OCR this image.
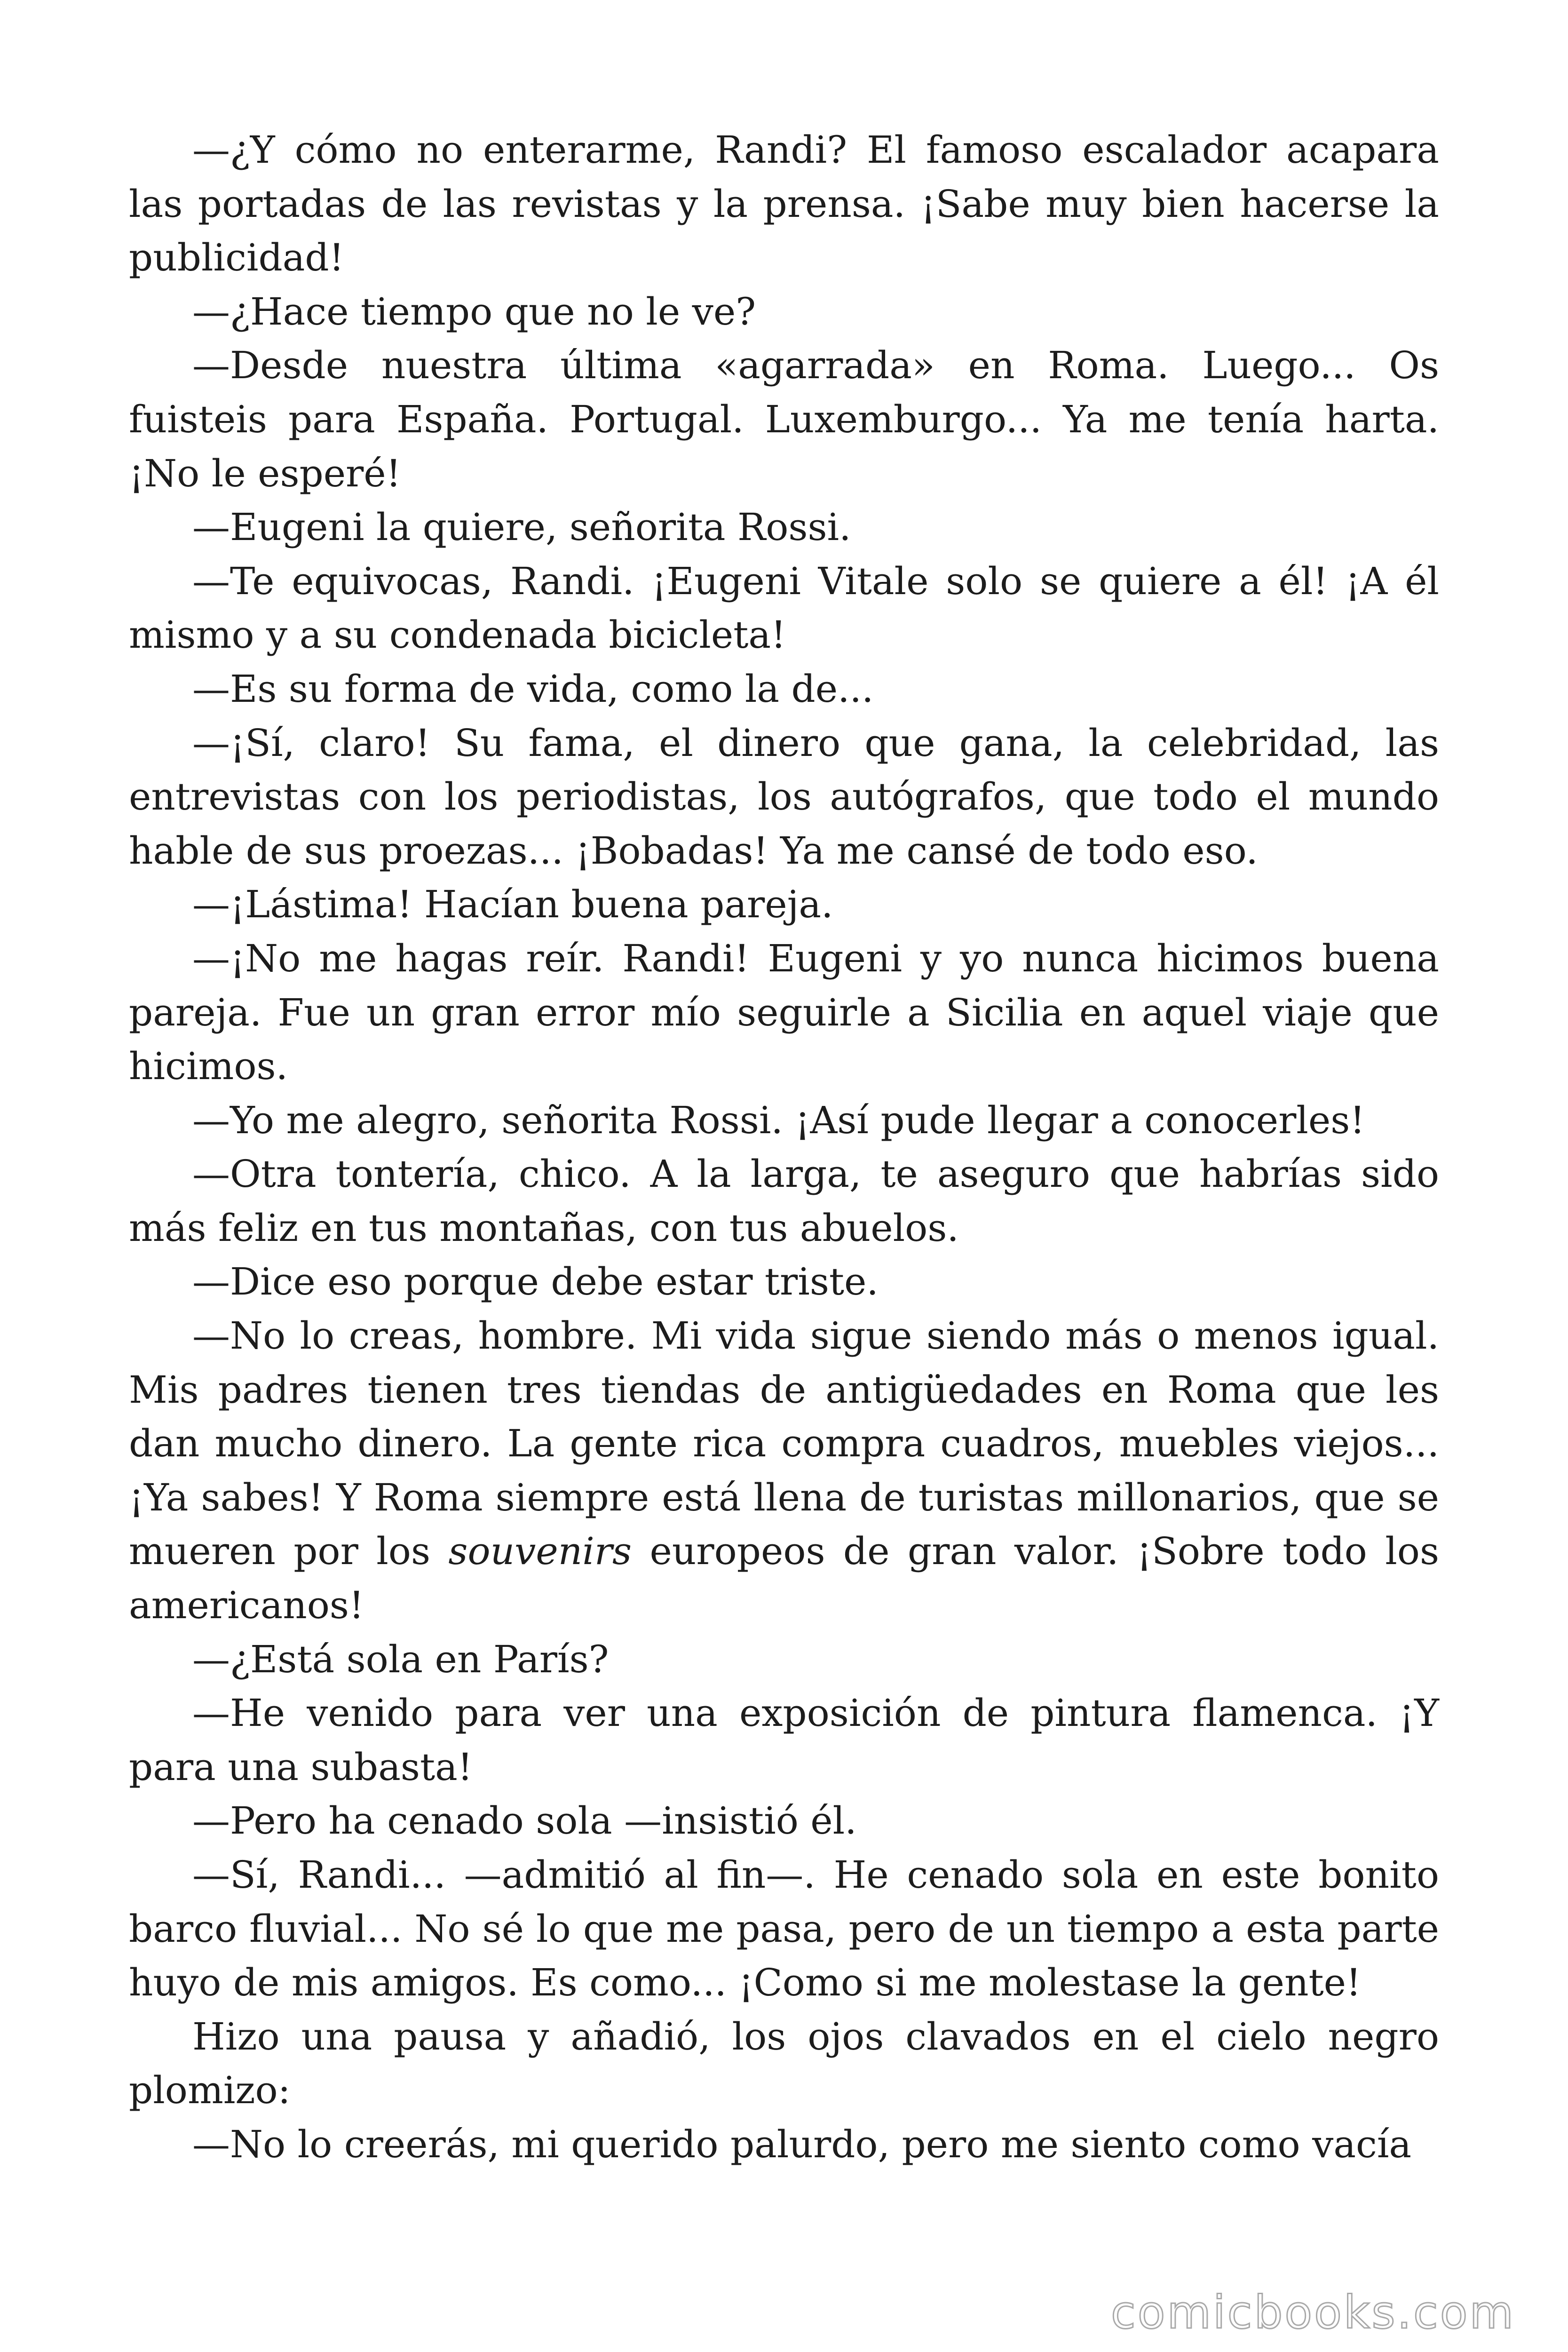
—¿Y cómo no enterarme, Randi? El famoso escalador acapara las portadas de las revistas y la prensa. ¡Sabe muy bien hacerse la publicidad!

—¿Hace tiempo que no le ve?

—Desde nuestra última «agarrada» en Roma. Luego... Os fuisteis para España. Portugal. Luxemburgo... Ya me tenía harta. ¡No le esperé!

—Eugeni la quiere, señorita Rossi.

—Te equivocas, Randi. ¡Eugeni Vitale solo se quiere a él! ¡A él mismo y a su condenada bicicleta!

—Es su forma de vida, como la de...

—¡Sí, claro! Su fama, el dinero que gana, la celebridad, las entrevistas con los periodistas, los autógrafos, que todo el mundo hable de sus proezas... ¡Bobadas! Ya me cansé de todo eso.

—¡Lástima! Hacían buena pareja.

—¡No me hagas reír. Randi! Eugeni y yo nunca hicimos buena pareja. Fue un gran error mío seguirle a Sicilia en aquel viaje que hicimos.

—Yo me alegro, señorita Rossi. ¡Así pude llegar a conocerles!

—Otra tontería, chico. A la larga, te aseguro que habrías sido más feliz en tus montañas, con tus abuelos.

—Dice eso porque debe estar triste.

—No lo creas, hombre. Mi vida sigue siendo más o menos igual. Mis padres tienen tres tiendas de antigüedades en Roma que les dan mucho dinero. La gente rica compra cuadros, muebles viejos... ¡Ya sabes! Y Roma siempre está llena de turistas millonarios, que se mueren por los souvenirs europeos de gran valor. ¡Sobre todo los americanos!

—¿Está sola en París?

—He venido para ver una exposición de pintura flamenca. ¡Y para una subasta!

—Pero ha cenado sola —insistió él.

—Sí, Randi... —admitió al fin—. He cenado sola en este bonito barco fluvial... No sé lo que me pasa, pero de un tiempo a esta parte huyo de mis amigos. Es como... ¡Como si me molestase la gente!

Hizo una pausa y añadió, los ojos clavados en el cielo negro plomizo:

—No lo creerás, mi querido palurdo, pero me siento como vacía

comicbooks.com
